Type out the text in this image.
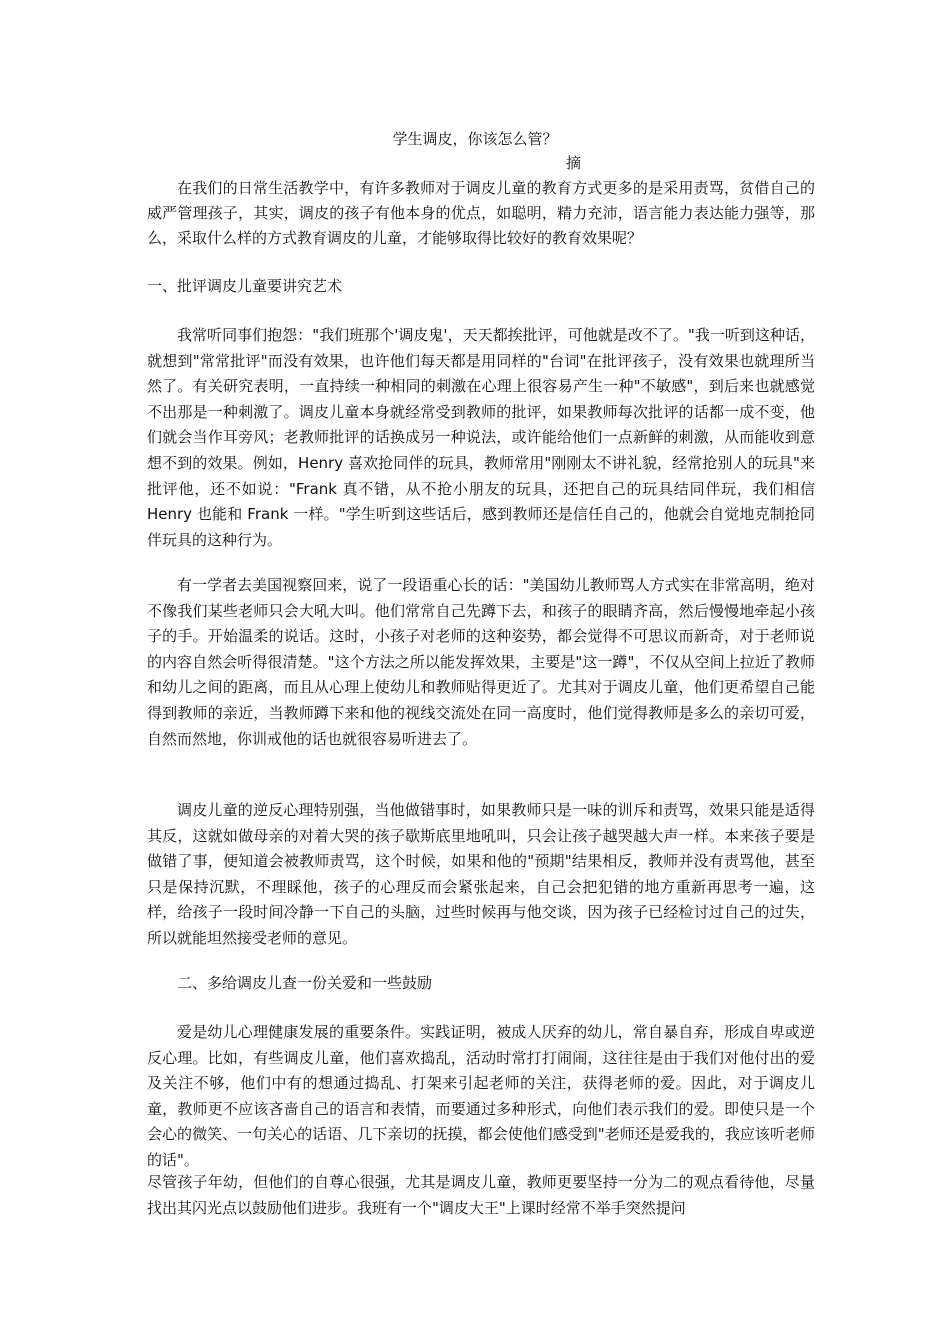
学生调皮，你该怎么管？
摘

在我们的日常生活教学中，有许多教师对于调皮儿童的教育方式更多的是采用责骂，贫借自己的威严管理孩子，其实，调皮的孩子有他本身的优点，如聪明，精力充沛，语言能力表达能力强等，那么，采取什么样的方式教育调皮的儿童，才能够取得比较好的教育效果呢？

一、批评调皮儿童要讲究艺术

我常听同事们抱怨："我们班那个'调皮鬼'，天天都挨批评，可他就是改不了。"我一听到这种话，就想到"常常批评"而没有效果，也许他们每天都是用同样的"台词"在批评孩子，没有效果也就理所当然了。有关研究表明，一直持续一种相同的刺激在心理上很容易产生一种"不敏感"，到后来也就感觉不出那是一种刺激了。调皮儿童本身就经常受到教师的批评，如果教师每次批评的话都一成不变，他们就会当作耳旁风；老教师批评的话换成另一种说法，或许能给他们一点新鲜的刺激，从而能收到意想不到的效果。例如，Henry 喜欢抢同伴的玩具，教师常用"刚刚太不讲礼貌，经常抢别人的玩具"来批评他，还不如说："Frank 真不错，从不抢小朋友的玩具，还把自己的玩具结同伴玩，我们相信 Henry 也能和 Frank 一样。"学生听到这些话后，感到教师还是信任自己的，他就会自觉地克制抢同伴玩具的这种行为。

有一学者去美国视察回来，说了一段语重心长的话："美国幼儿教师骂人方式实在非常高明，绝对不像我们某些老师只会大吼大叫。他们常常自己先蹲下去，和孩子的眼睛齐高，然后慢慢地牵起小孩子的手。开始温柔的说话。这时，小孩子对老师的这种姿势，都会觉得不可思议而新奇，对于老师说的内容自然会听得很清楚。"这个方法之所以能发挥效果，主要是"这一蹲"，不仅从空间上拉近了教师和幼儿之间的距离，而且从心理上使幼儿和教师贴得更近了。尤其对于调皮儿童，他们更希望自己能得到教师的亲近，当教师蹲下来和他的视线交流处在同一高度时，他们觉得教师是多么的亲切可爱，自然而然地，你训戒他的话也就很容易听进去了。

调皮儿童的逆反心理特别强，当他做错事时，如果教师只是一味的训斥和责骂，效果只能是适得其反，这就如做母亲的对着大哭的孩子歇斯底里地吼叫，只会让孩子越哭越大声一样。本来孩子要是做错了事，便知道会被教师责骂，这个时候，如果和他的"预期"结果相反，教师并没有责骂他，甚至只是保持沉默，不理睬他，孩子的心理反而会紧张起来，自己会把犯错的地方重新再思考一遍，这样，给孩子一段时间冷静一下自己的头脑，过些时候再与他交谈，因为孩子已经检讨过自己的过失，所以就能坦然接受老师的意见。

二、多给调皮儿查一份关爱和一些鼓励

爱是幼儿心理健康发展的重要条件。实践证明，被成人厌弃的幼儿，常自暴自弃，形成自卑或逆反心理。比如，有些调皮儿童，他们喜欢捣乱，活动时常打打闹闹，这往往是由于我们对他付出的爱及关注不够，他们中有的想通过捣乱、打架来引起老师的关注，获得老师的爱。因此，对于调皮儿童，教师更不应该吝啬自己的语言和表情，而要通过多种形式，向他们表示我们的爱。即使只是一个会心的微笑、一句关心的话语、几下亲切的抚摸，都会使他们感受到"老师还是爱我的，我应该听老师的话"。

尽管孩子年幼，但他们的自尊心很强，尤其是调皮儿童，教师更要坚持一分为二的观点看待他，尽量找出其闪光点以鼓励他们进步。我班有一个"调皮大王"上课时经常不举手突然提问
